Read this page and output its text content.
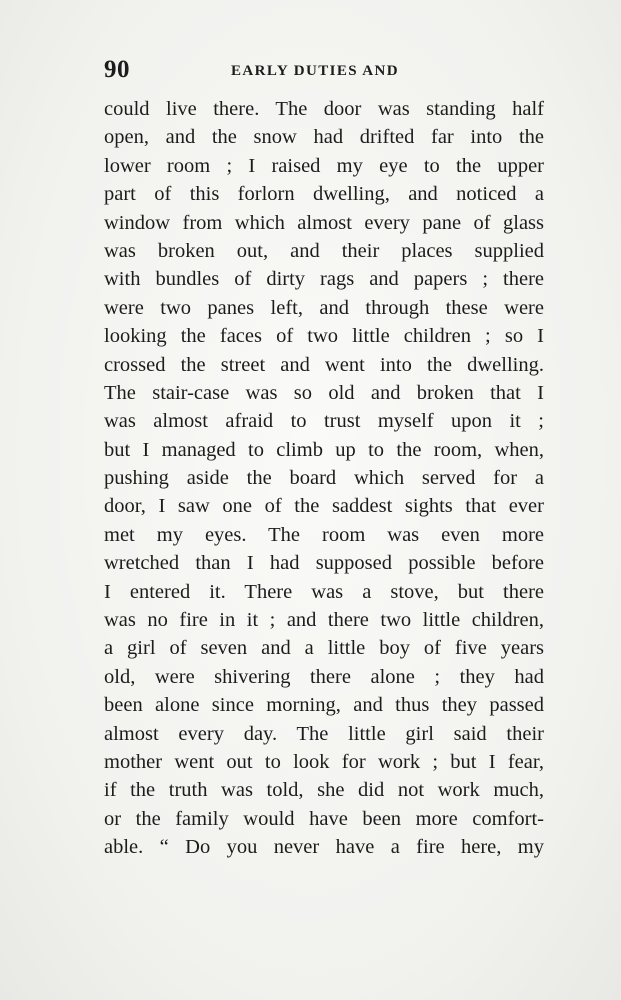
90	EARLY DUTIES AND
could live there. The door was standing half
open, and the snow had drifted far into the
lower room ; I raised my eye to the upper
part of this forlorn dwelling, and noticed a
window from which almost every pane of glass
was broken out, and their places supplied
with bundles of dirty rags and papers ; there
were two panes left, and through these were
looking the faces of two little children ; so I
crossed the street and went into the dwelling.
The stair-case was so old and broken that I
was almost afraid to trust myself upon it ;
but I managed to climb up to the room, when,
pushing aside the board which served for a
door, I saw one of the saddest sights that ever
met my eyes. The room was even more
wretched than I had supposed possible before
I entered it. There was a stove, but there
was no fire in it ; and there two little children,
a girl of seven and a little boy of five years
old, were shivering there alone ; they had
been alone since morning, and thus they passed
almost every day. The little girl said their
mother went out to look for work ; but I fear,
if the truth was told, she did not work much,
or the family would have been more comfort-
able. “ Do you never have a fire here, my
